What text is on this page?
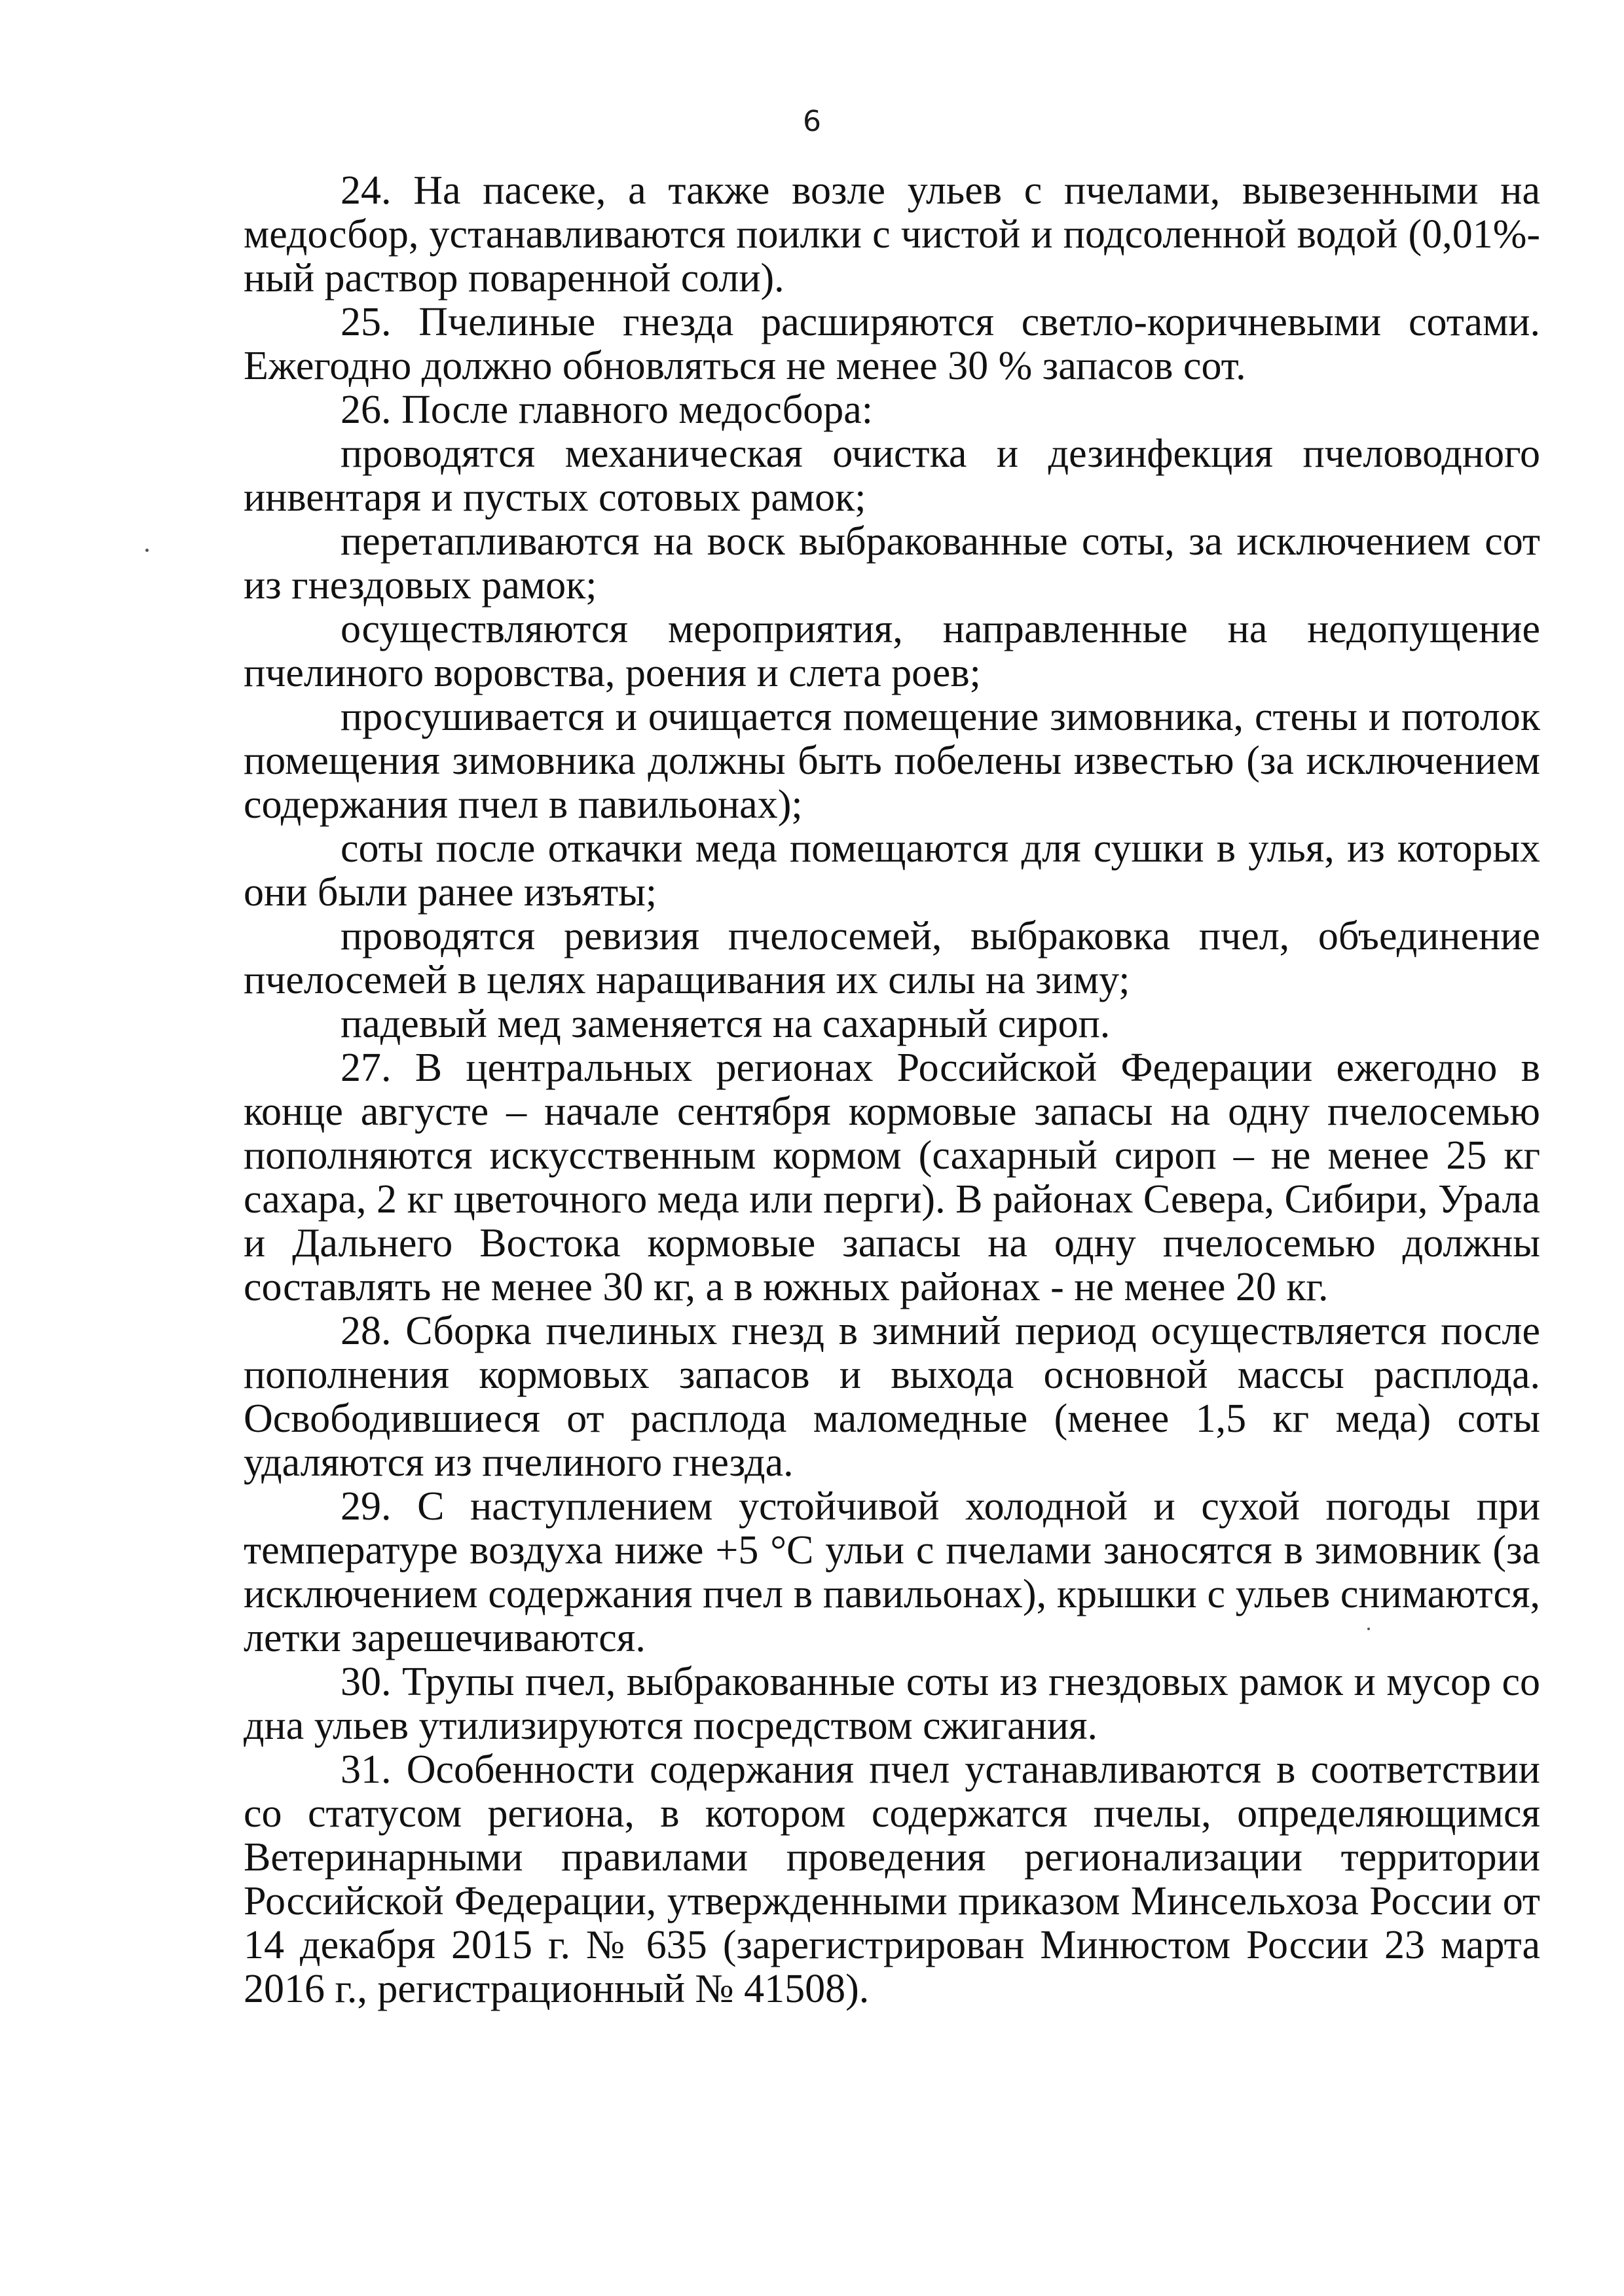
6

24. На пасеке, а также возле ульев с пчелами, вывезенными на медосбор, устанавливаются поилки с чистой и подсоленной водой (0,01%-ный раствор поваренной соли).

25. Пчелиные гнезда расширяются светло-коричневыми сотами. Ежегодно должно обновляться не менее 30 % запасов сот.

26. После главного медосбора:

проводятся механическая очистка и дезинфекция пчеловодного инвентаря и пустых сотовых рамок;

перетапливаются на воск выбракованные соты, за исключением сот из гнездовых рамок;

осуществляются мероприятия, направленные на недопущение пчелиного воровства, роения и слета роев;

просушивается и очищается помещение зимовника, стены и потолок помещения зимовника должны быть побелены известью (за исключением содержания пчел в павильонах);

соты после откачки меда помещаются для сушки в улья, из которых они были ранее изъяты;

проводятся ревизия пчелосемей, выбраковка пчел, объединение пчелосемей в целях наращивания их силы на зиму;

падевый мед заменяется на сахарный сироп.

27. В центральных регионах Российской Федерации ежегодно в конце августе – начале сентября кормовые запасы на одну пчелосемью пополняются искусственным кормом (сахарный сироп – не менее 25 кг сахара, 2 кг цветочного меда или перги). В районах Севера, Сибири, Урала и Дальнего Востока кормовые запасы на одну пчелосемью должны составлять не менее 30 кг, а в южных районах - не менее 20 кг.

28. Сборка пчелиных гнезд в зимний период осуществляется после пополнения кормовых запасов и выхода основной массы расплода. Освободившиеся от расплода маломедные (менее 1,5 кг меда) соты удаляются из пчелиного гнезда.

29. С наступлением устойчивой холодной и сухой погоды при температуре воздуха ниже +5 °С ульи с пчелами заносятся в зимовник (за исключением содержания пчел в павильонах), крышки с ульев снимаются, летки зарешечиваются.

30. Трупы пчел, выбракованные соты из гнездовых рамок и мусор со дна ульев утилизируются посредством сжигания.

31. Особенности содержания пчел устанавливаются в соответствии со статусом региона, в котором содержатся пчелы, определяющимся Ветеринарными правилами проведения регионализации территории Российской Федерации, утвержденными приказом Минсельхоза России от 14 декабря 2015 г. № 635 (зарегистрирован Минюстом России 23 марта 2016 г., регистрационный № 41508).
